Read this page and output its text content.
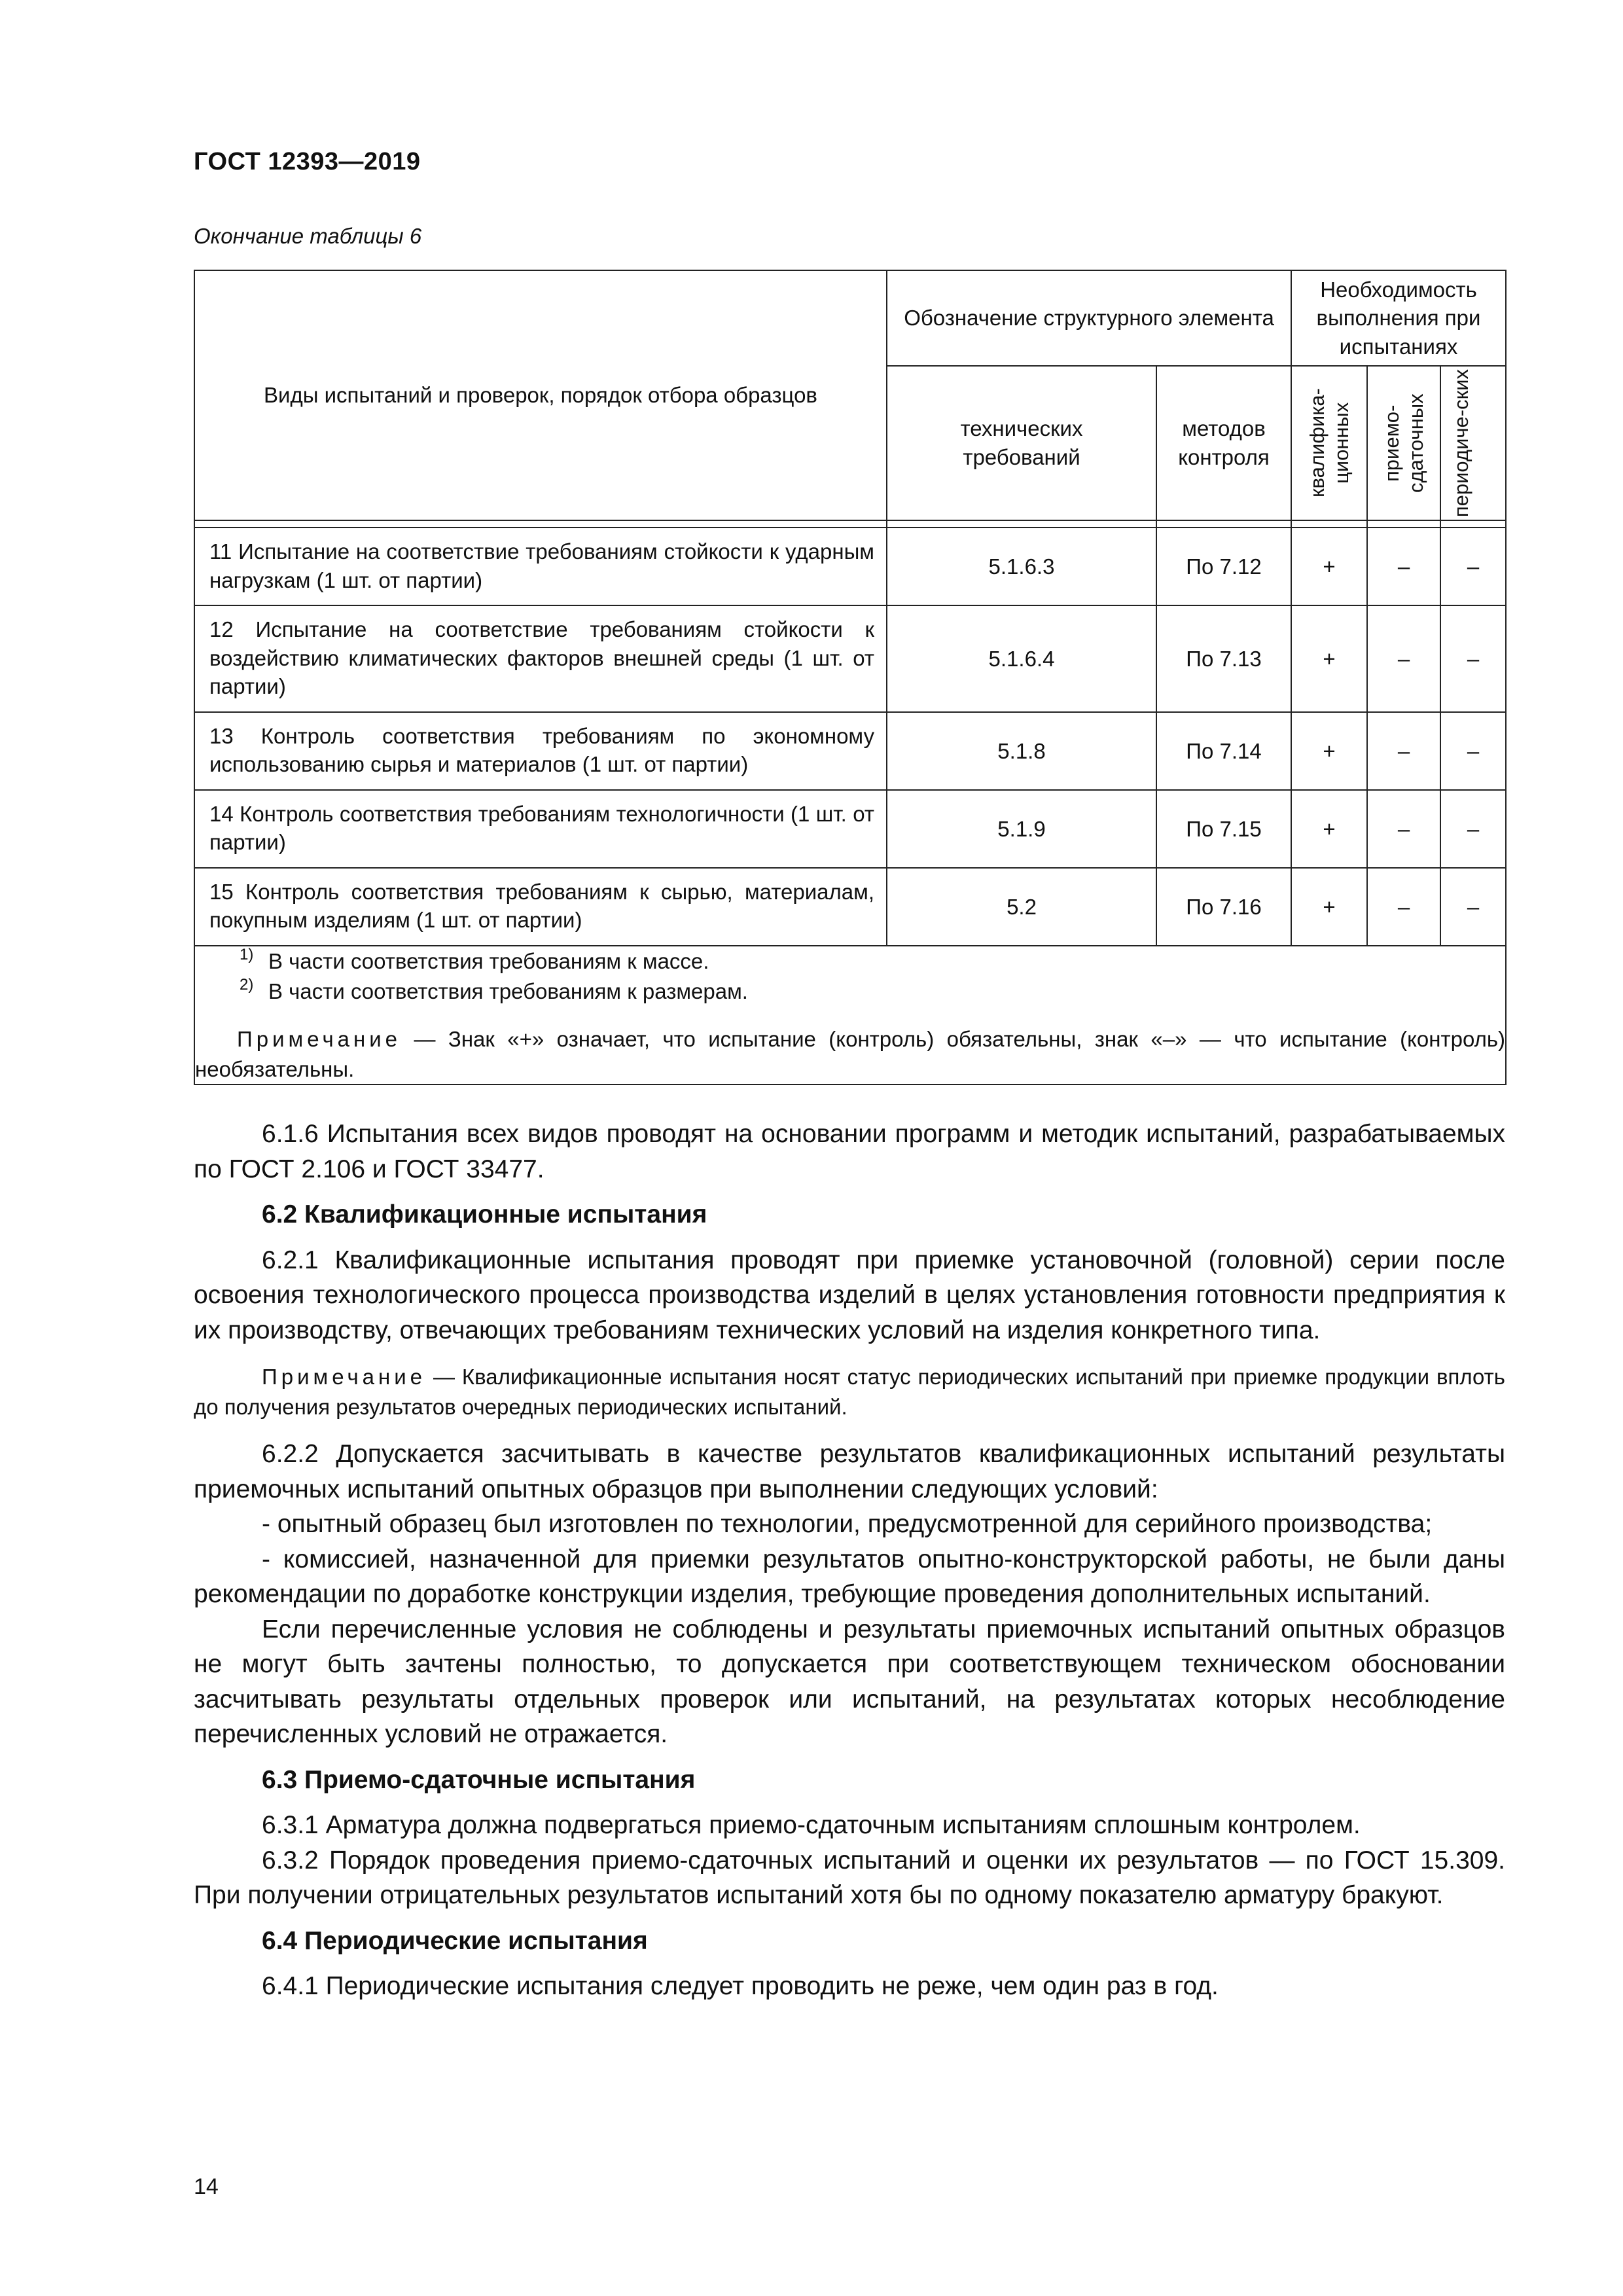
ГОСТ 12393—2019
Окончание таблицы 6
Виды испытаний и проверок, порядок отбора образцов	Обозначение структурного элемента		Необходимость выполнения при испытаниях		
	технических требований	методов контроля	квалифика-ционных	приемо-сдаточных	периодиче-ских

11 Испытание на соответствие требованиям стойкости к ударным нагрузкам (1 шт. от партии)	5.1.6.3	По 7.12	+	–	–
12 Испытание на соответствие требованиям стойкости к воздействию климатических факторов внешней среды (1 шт. от партии)	5.1.6.4	По 7.13	+	–	–
13 Контроль соответствия требованиям по экономному использованию сырья и материалов (1 шт. от партии)	5.1.8	По 7.14	+	–	–
14 Контроль соответствия требованиям технологичности (1 шт. от партии)	5.1.9	По 7.15	+	–	–
15 Контроль соответствия требованиям к сырью, материалам, покупным изделиям (1 шт. от партии)	5.2	По 7.16	+	–	–

1) В части соответствия требованиям к массе.
2) В части соответствия требованиям к размерам.
Примечание — Знак «+» означает, что испытание (контроль) обязательны, знак «–» — что испытание (контроль) необязательны.					

6.1.6 Испытания всех видов проводят на основании программ и методик испытаний, разрабатываемых по ГОСТ 2.106 и ГОСТ 33477.

6.2 Квалификационные испытания

6.2.1 Квалификационные испытания проводят при приемке установочной (головной) серии после освоения технологического процесса производства изделий в целях установления готовности предприятия к их производству, отвечающих требованиям технических условий на изделия конкретного типа.

Примечание — Квалификационные испытания носят статус периодических испытаний при приемке продукции вплоть до получения результатов очередных периодических испытаний.

6.2.2 Допускается засчитывать в качестве результатов квалификационных испытаний результаты приемочных испытаний опытных образцов при выполнении следующих условий:

- опытный образец был изготовлен по технологии, предусмотренной для серийного производства;

- комиссией, назначенной для приемки результатов опытно-конструкторской работы, не были даны рекомендации по доработке конструкции изделия, требующие проведения дополнительных испытаний.

Если перечисленные условия не соблюдены и результаты приемочных испытаний опытных образцов не могут быть зачтены полностью, то допускается при соответствующем техническом обосновании засчитывать результаты отдельных проверок или испытаний, на результатах которых несоблюдение перечисленных условий не отражается.

6.3 Приемо-сдаточные испытания

6.3.1 Арматура должна подвергаться приемо-сдаточным испытаниям сплошным контролем.

6.3.2 Порядок проведения приемо-сдаточных испытаний и оценки их результатов — по ГОСТ 15.309. При получении отрицательных результатов испытаний хотя бы по одному показателю арматуру бракуют.

6.4 Периодические испытания

6.4.1 Периодические испытания следует проводить не реже, чем один раз в год.

14
